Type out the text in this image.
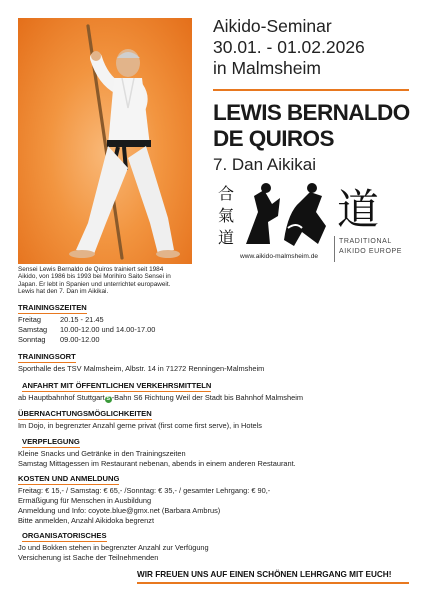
Sensei Lewis Bernaldo de Quiros trainiert seit 1984
Aikido, von 1986 bis 1993 bei Morihiro Saito Sensei in
Japan. Er lebt in Spanien und unterrichtet europaweit.
Lewis hat den 7. Dan im Aikikai.
Aikido-Seminar
30.01. - 01.02.2026
in Malmsheim
LEWIS BERNALDO
DE QUIROS
7. Dan Aikikai
合
氣
道
www.aikido-malmsheim.de
道
TRADITIONAL
AIKIDO EUROPE
TRAININGSZEITEN
Freitag	20.15 - 21.45
Samstag 10.00-12.00 und 14.00-17.00
Sonntag 09.00-12.00
TRAININGSORT
Sporthalle des TSV Malmsheim, Albstr. 14 in 71272 Renningen-Malmsheim
ANFAHRT MIT ÖFFENTLICHEN VERKEHRSMITTELN
ab Hauptbahnhof Stuttgart S -Bahn S6 Richtung Weil der Stadt bis Bahnhof Malmsheim
ÜBERNACHTUNGSMÖGLICHKEITEN
Im Dojo, in begrenzter Anzahl gerne privat (first come first serve), in Hotels
VERPFLEGUNG
Kleine Snacks und Getränke in den Trainingszeiten
Samstag Mittagessen im Restaurant nebenan, abends in einem anderen Restaurant.
KOSTEN UND ANMELDUNG
Freitag: € 15,- / Samstag: € 65,- /Sonntag: € 35,- / gesamter Lehrgang: € 90,-
Ermäßigung für Menschen in Ausbildung
Anmeldung und Info: coyote.blue@gmx.net (Barbara Ambrus)
Bitte anmelden, Anzahl Aikidoka begrenzt
ORGANISATORISCHES
Jo und Bokken stehen in begrenzter Anzahl zur Verfügung
Versicherung ist Sache der Teilnehmenden
WIR FREUEN UNS AUF EINEN SCHÖNEN LEHRGANG MIT EUCH!
